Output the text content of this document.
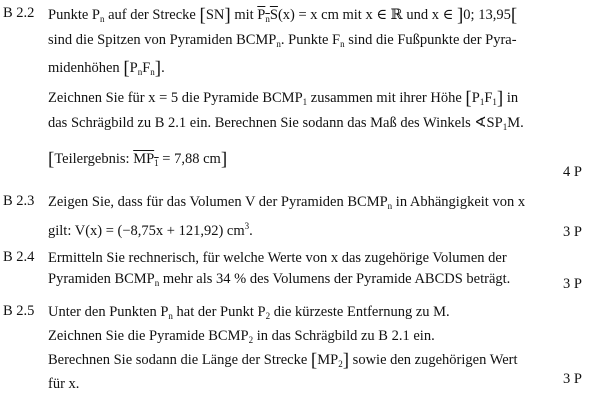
B 2.2 Punkte $P_n$ auf der Strecke [SN] mit $P_nS(x) = x$ cm mit x ∈ ℝ und x ∈ ]0; 13,95[
sind die Spitzen von Pyramiden $BCMP_n$. Punkte $F_n$ sind die Fußpunkte der Pyra-
midenhöhen $[P_nF_n]$.
Zeichnen Sie für x = 5 die Pyramide $BCMP_1$ zusammen mit ihrer Höhe $[P_1F_1]$ in
das Schrägbild zu B 2.1 ein. Berechnen Sie sodann das Maß des Winkels $∢SP_1M$.
[Teilergebnis: $MP_1 = 7,88$ cm]
4 P
B 2.3 Zeigen Sie, dass für das Volumen V der Pyramiden $BCMP_n$ in Abhängigkeit von x
gilt: V(x) = (−8,75x + 121,92) $cm^3$.	3 P
B 2.4 Ermitteln Sie rechnerisch, für welche Werte von x das zugehörige Volumen der
Pyramiden $BCMP_n$ mehr als 34 % des Volumens der Pyramide ABCDS beträgt.	3 P
B 2.5 Unter den Punkten $P_n$ hat der Punkt $P_2$ die kürzeste Entfernung zu M.
Zeichnen Sie die Pyramide $BCMP_2$ in das Schrägbild zu B 2.1 ein.
Berechnen Sie sodann die Länge der Strecke $[MP_2]$ sowie den zugehörigen Wert
für x.	3 P
